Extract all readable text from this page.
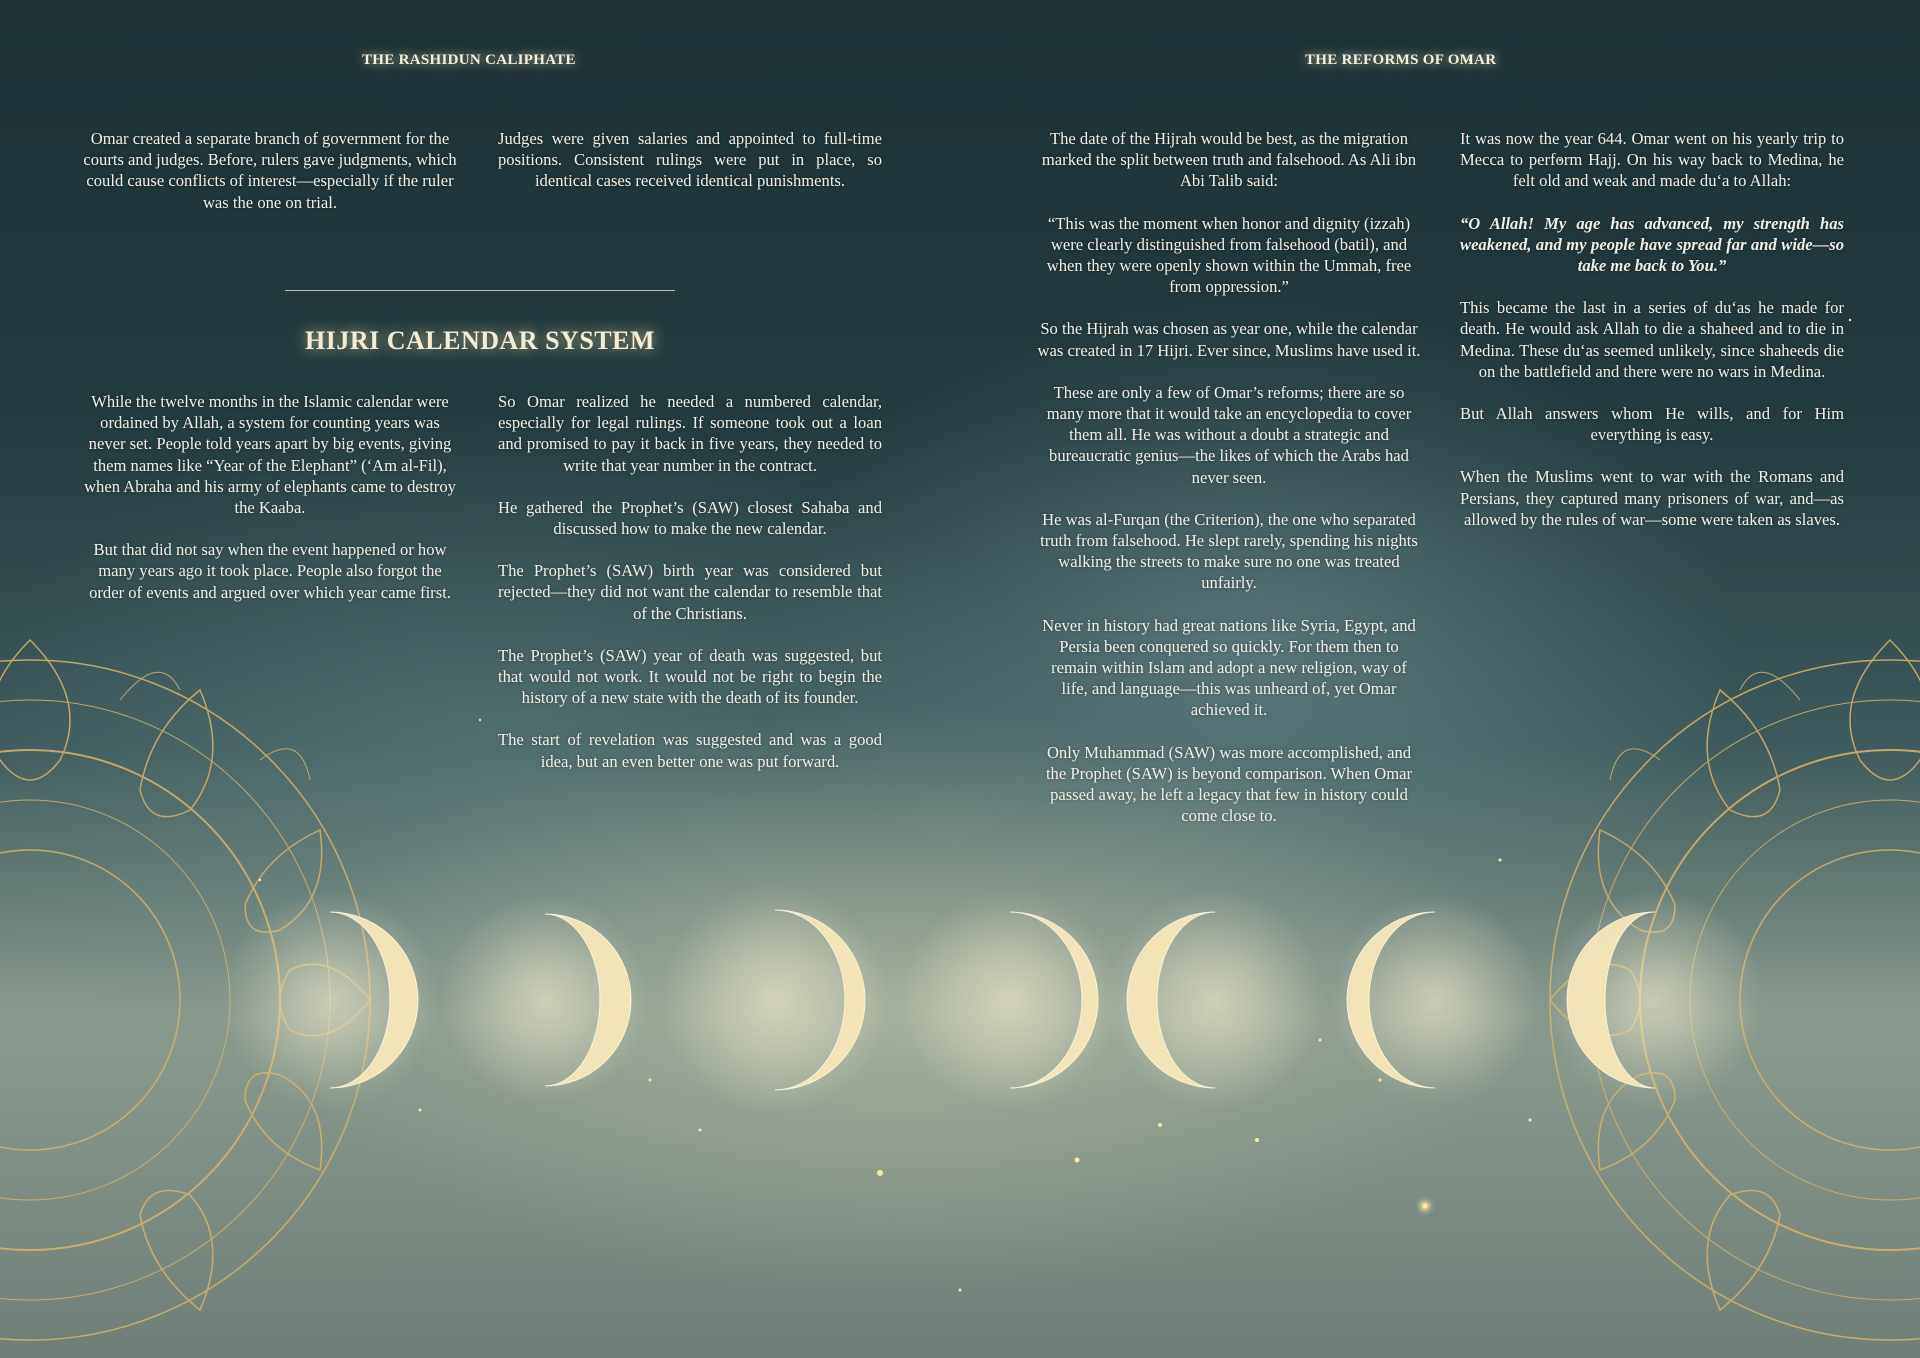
THE RASHIDUN CALIPHATE

Omar created a separate branch of government for the courts and judges. Before, rulers gave judgments, which could cause conflicts of interest—especially if the ruler was the one on trial.

Judges were given salaries and appointed to full-time positions. Consistent rulings were put in place, so identical cases received identical punishments.

HIJRI CALENDAR SYSTEM

While the twelve months in the Islamic calendar were ordained by Allah, a system for counting years was never set. People told years apart by big events, giving them names like “Year of the Elephant” (‘Am al-Fil), when Abraha and his army of elephants came to destroy the Kaaba.

But that did not say when the event happened or how many years ago it took place. People also forgot the order of events and argued over which year came first.

So Omar realized he needed a numbered calendar, especially for legal rulings. If someone took out a loan and promised to pay it back in five years, they needed to write that year number in the contract.

He gathered the Prophet’s (SAW) closest Sahaba and discussed how to make the new calendar.

The Prophet’s (SAW) birth year was considered but rejected—they did not want the calendar to resemble that of the Christians.

The Prophet’s (SAW) year of death was suggested, but that would not work. It would not be right to begin the history of a new state with the death of its founder.

The start of revelation was suggested and was a good idea, but an even better one was put forward.

THE REFORMS OF OMAR

The date of the Hijrah would be best, as the migration marked the split between truth and falsehood. As Ali ibn Abi Talib said:

“This was the moment when honor and dignity (izzah) were clearly distinguished from falsehood (batil), and when they were openly shown within the Ummah, free from oppression.”

So the Hijrah was chosen as year one, while the calendar was created in 17 Hijri. Ever since, Muslims have used it.

These are only a few of Omar’s reforms; there are so many more that it would take an encyclopedia to cover them all. He was without a doubt a strategic and bureaucratic genius—the likes of which the Arabs had never seen.

He was al-Furqan (the Criterion), the one who separated truth from falsehood. He slept rarely, spending his nights walking the streets to make sure no one was treated unfairly.

Never in history had great nations like Syria, Egypt, and Persia been conquered so quickly. For them then to remain within Islam and adopt a new religion, way of life, and language—this was unheard of, yet Omar achieved it.

Only Muhammad (SAW) was more accomplished, and the Prophet (SAW) is beyond comparison. When Omar passed away, he left a legacy that few in history could come close to.

It was now the year 644. Omar went on his yearly trip to Mecca to perform Hajj. On his way back to Medina, he felt old and weak and made du‘a to Allah:

“O Allah! My age has advanced, my strength has weakened, and my people have spread far and wide—so take me back to You.”

This became the last in a series of du‘as he made for death. He would ask Allah to die a shaheed and to die in Medina. These du‘as seemed unlikely, since shaheeds die on the battlefield and there were no wars in Medina.

But Allah answers whom He wills, and for Him everything is easy.

When the Muslims went to war with the Romans and Persians, they captured many prisoners of war, and—as allowed by the rules of war—some were taken as slaves.
